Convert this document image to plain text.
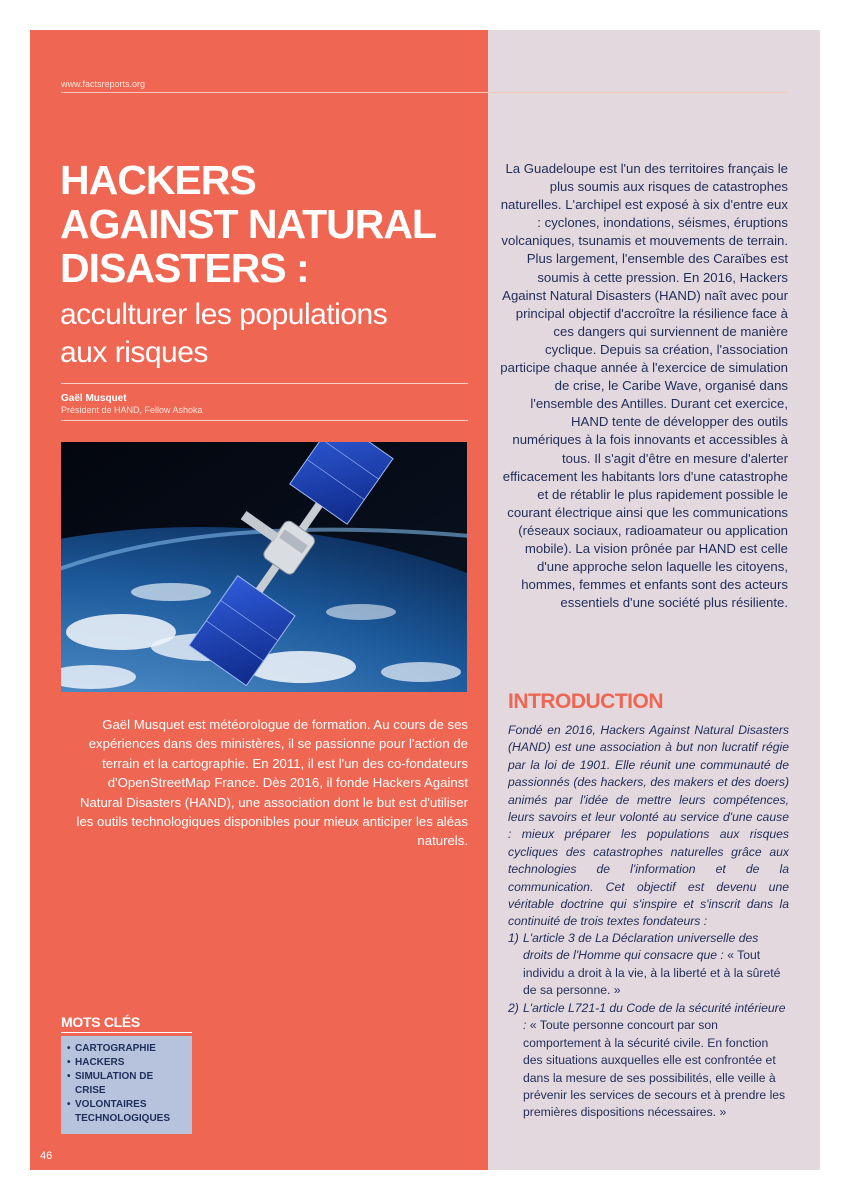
www.factsreports.org
HACKERS
AGAINST NATURAL
DISASTERS :
acculturer les populations
aux risques
Gaël Musquet
Président de HAND, Fellow Ashoka

Gaël Musquet est météorologue de formation. Au cours de ses expériences dans des ministères, il se passionne pour l'action de terrain et la cartographie. En 2011, il est l'un des co-fondateurs d'OpenStreetMap France. Dès 2016, il fonde Hackers Against Natural Disasters (HAND), une association dont le but est d'utiliser les outils technologiques disponibles pour mieux anticiper les aléas naturels.

MOTS CLÉS
• CARTOGRAPHIE
• HACKERS
• SIMULATION DE CRISE
• VOLONTAIRES TECHNOLOGIQUES
46

La Guadeloupe est l'un des territoires français le plus soumis aux risques de catastrophes naturelles. L'archipel est exposé à six d'entre eux : cyclones, inondations, séismes, éruptions volcaniques, tsunamis et mouvements de terrain. Plus largement, l'ensemble des Caraïbes est soumis à cette pression. En 2016, Hackers Against Natural Disasters (HAND) naît avec pour principal objectif d'accroître la résilience face à ces dangers qui surviennent de manière cyclique. Depuis sa création, l'association participe chaque année à l'exercice de simulation de crise, le Caribe Wave, organisé dans l'ensemble des Antilles. Durant cet exercice, HAND tente de développer des outils numériques à la fois innovants et accessibles à tous. Il s'agit d'être en mesure d'alerter efficacement les habitants lors d'une catastrophe et de rétablir le plus rapidement possible le courant électrique ainsi que les communications (réseaux sociaux, radioamateur ou application mobile). La vision prônée par HAND est celle d'une approche selon laquelle les citoyens, hommes, femmes et enfants sont des acteurs essentiels d'une société plus résiliente.

INTRODUCTION

Fondé en 2016, Hackers Against Natural Disasters (HAND) est une association à but non lucratif régie par la loi de 1901. Elle réunit une communauté de passionnés (des hackers, des makers et des doers) animés par l'idée de mettre leurs compétences, leurs savoirs et leur volonté au service d'une cause : mieux préparer les populations aux risques cycliques des catastrophes naturelles grâce aux technologies de l'information et de la communication. Cet objectif est devenu une véritable doctrine qui s'inspire et s'inscrit dans la continuité de trois textes fondateurs :

1) L'article 3 de La Déclaration universelle des droits de l'Homme qui consacre que : « Tout individu a droit à la vie, à la liberté et à la sûreté de sa personne. »
2) L'article L721-1 du Code de la sécurité intérieure : « Toute personne concourt par son comportement à la sécurité civile. En fonction des situations auxquelles elle est confrontée et dans la mesure de ses possibilités, elle veille à prévenir les services de secours et à prendre les premières dispositions nécessaires. »
